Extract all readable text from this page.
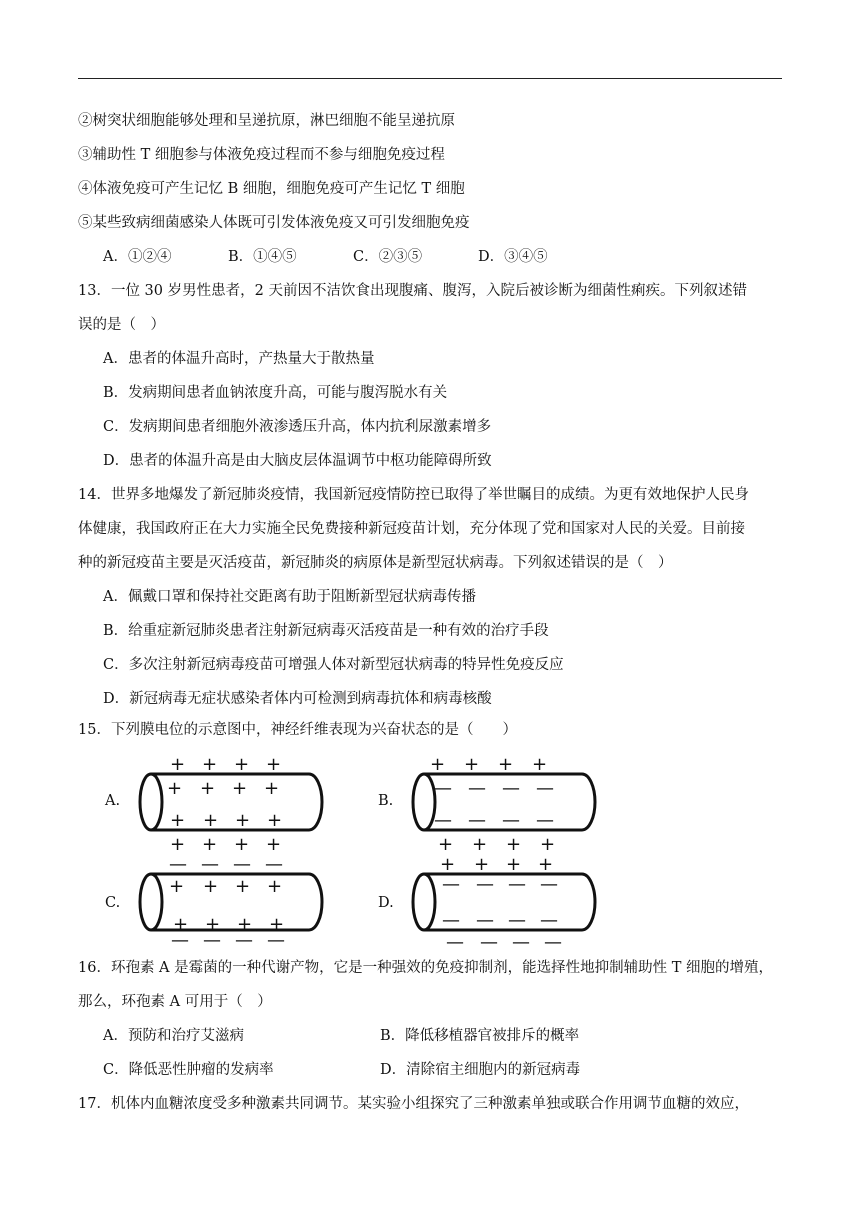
②树突状细胞能够处理和呈递抗原，淋巴细胞不能呈递抗原
③辅助性 T 细胞参与体液免疫过程而不参与细胞免疫过程
④体液免疫可产生记忆 B 细胞，细胞免疫可产生记忆 T 细胞
⑤某些致病细菌感染人体既可引发体液免疫又可引发细胞免疫
A．①②④	B．①④⑤	C．②③⑤	D．③④⑤
13．一位 30 岁男性患者，2 天前因不洁饮食出现腹痛、腹泻，入院后被诊断为细菌性痢疾。下列叙述错
误的是（　）
A．患者的体温升高时，产热量大于散热量
B．发病期间患者血钠浓度升高，可能与腹泻脱水有关
C．发病期间患者细胞外液渗透压升高，体内抗利尿激素增多
D．患者的体温升高是由大脑皮层体温调节中枢功能障碍所致
14．世界多地爆发了新冠肺炎疫情，我国新冠疫情防控已取得了举世瞩目的成绩。为更有效地保护人民身
体健康，我国政府正在大力实施全民免费接种新冠疫苗计划，充分体现了党和国家对人民的关爱。目前接
种的新冠疫苗主要是灭活疫苗，新冠肺炎的病原体是新型冠状病毒。下列叙述错误的是（　）
A．佩戴口罩和保持社交距离有助于阻断新型冠状病毒传播
B．给重症新冠肺炎患者注射新冠病毒灭活疫苗是一种有效的治疗手段
C．多次注射新冠病毒疫苗可增强人体对新型冠状病毒的特异性免疫反应
D．新冠病毒无症状感染者体内可检测到病毒抗体和病毒核酸
15．下列膜电位的示意图中，神经纤维表现为兴奋状态的是（　　）
A.
+ + + +
+ + + +
+ + + +
+ + + +
B.
+ + + +
— — — —
— — — —
+ + + +
C.
— — — —
+ + + +
+ + + +
— — — —
D.
+ + + +
— — — —
— — — —
— — — —
16．环孢素 A 是霉菌的一种代谢产物，它是一种强效的免疫抑制剂，能选择性地抑制辅助性 T 细胞的增殖，
那么，环孢素 A 可用于（　）
A．预防和治疗艾滋病	B．降低移植器官被排斥的概率
C．降低恶性肿瘤的发病率	D．清除宿主细胞内的新冠病毒
17．机体内血糖浓度受多种激素共同调节。某实验小组探究了三种激素单独或联合作用调节血糖的效应，
